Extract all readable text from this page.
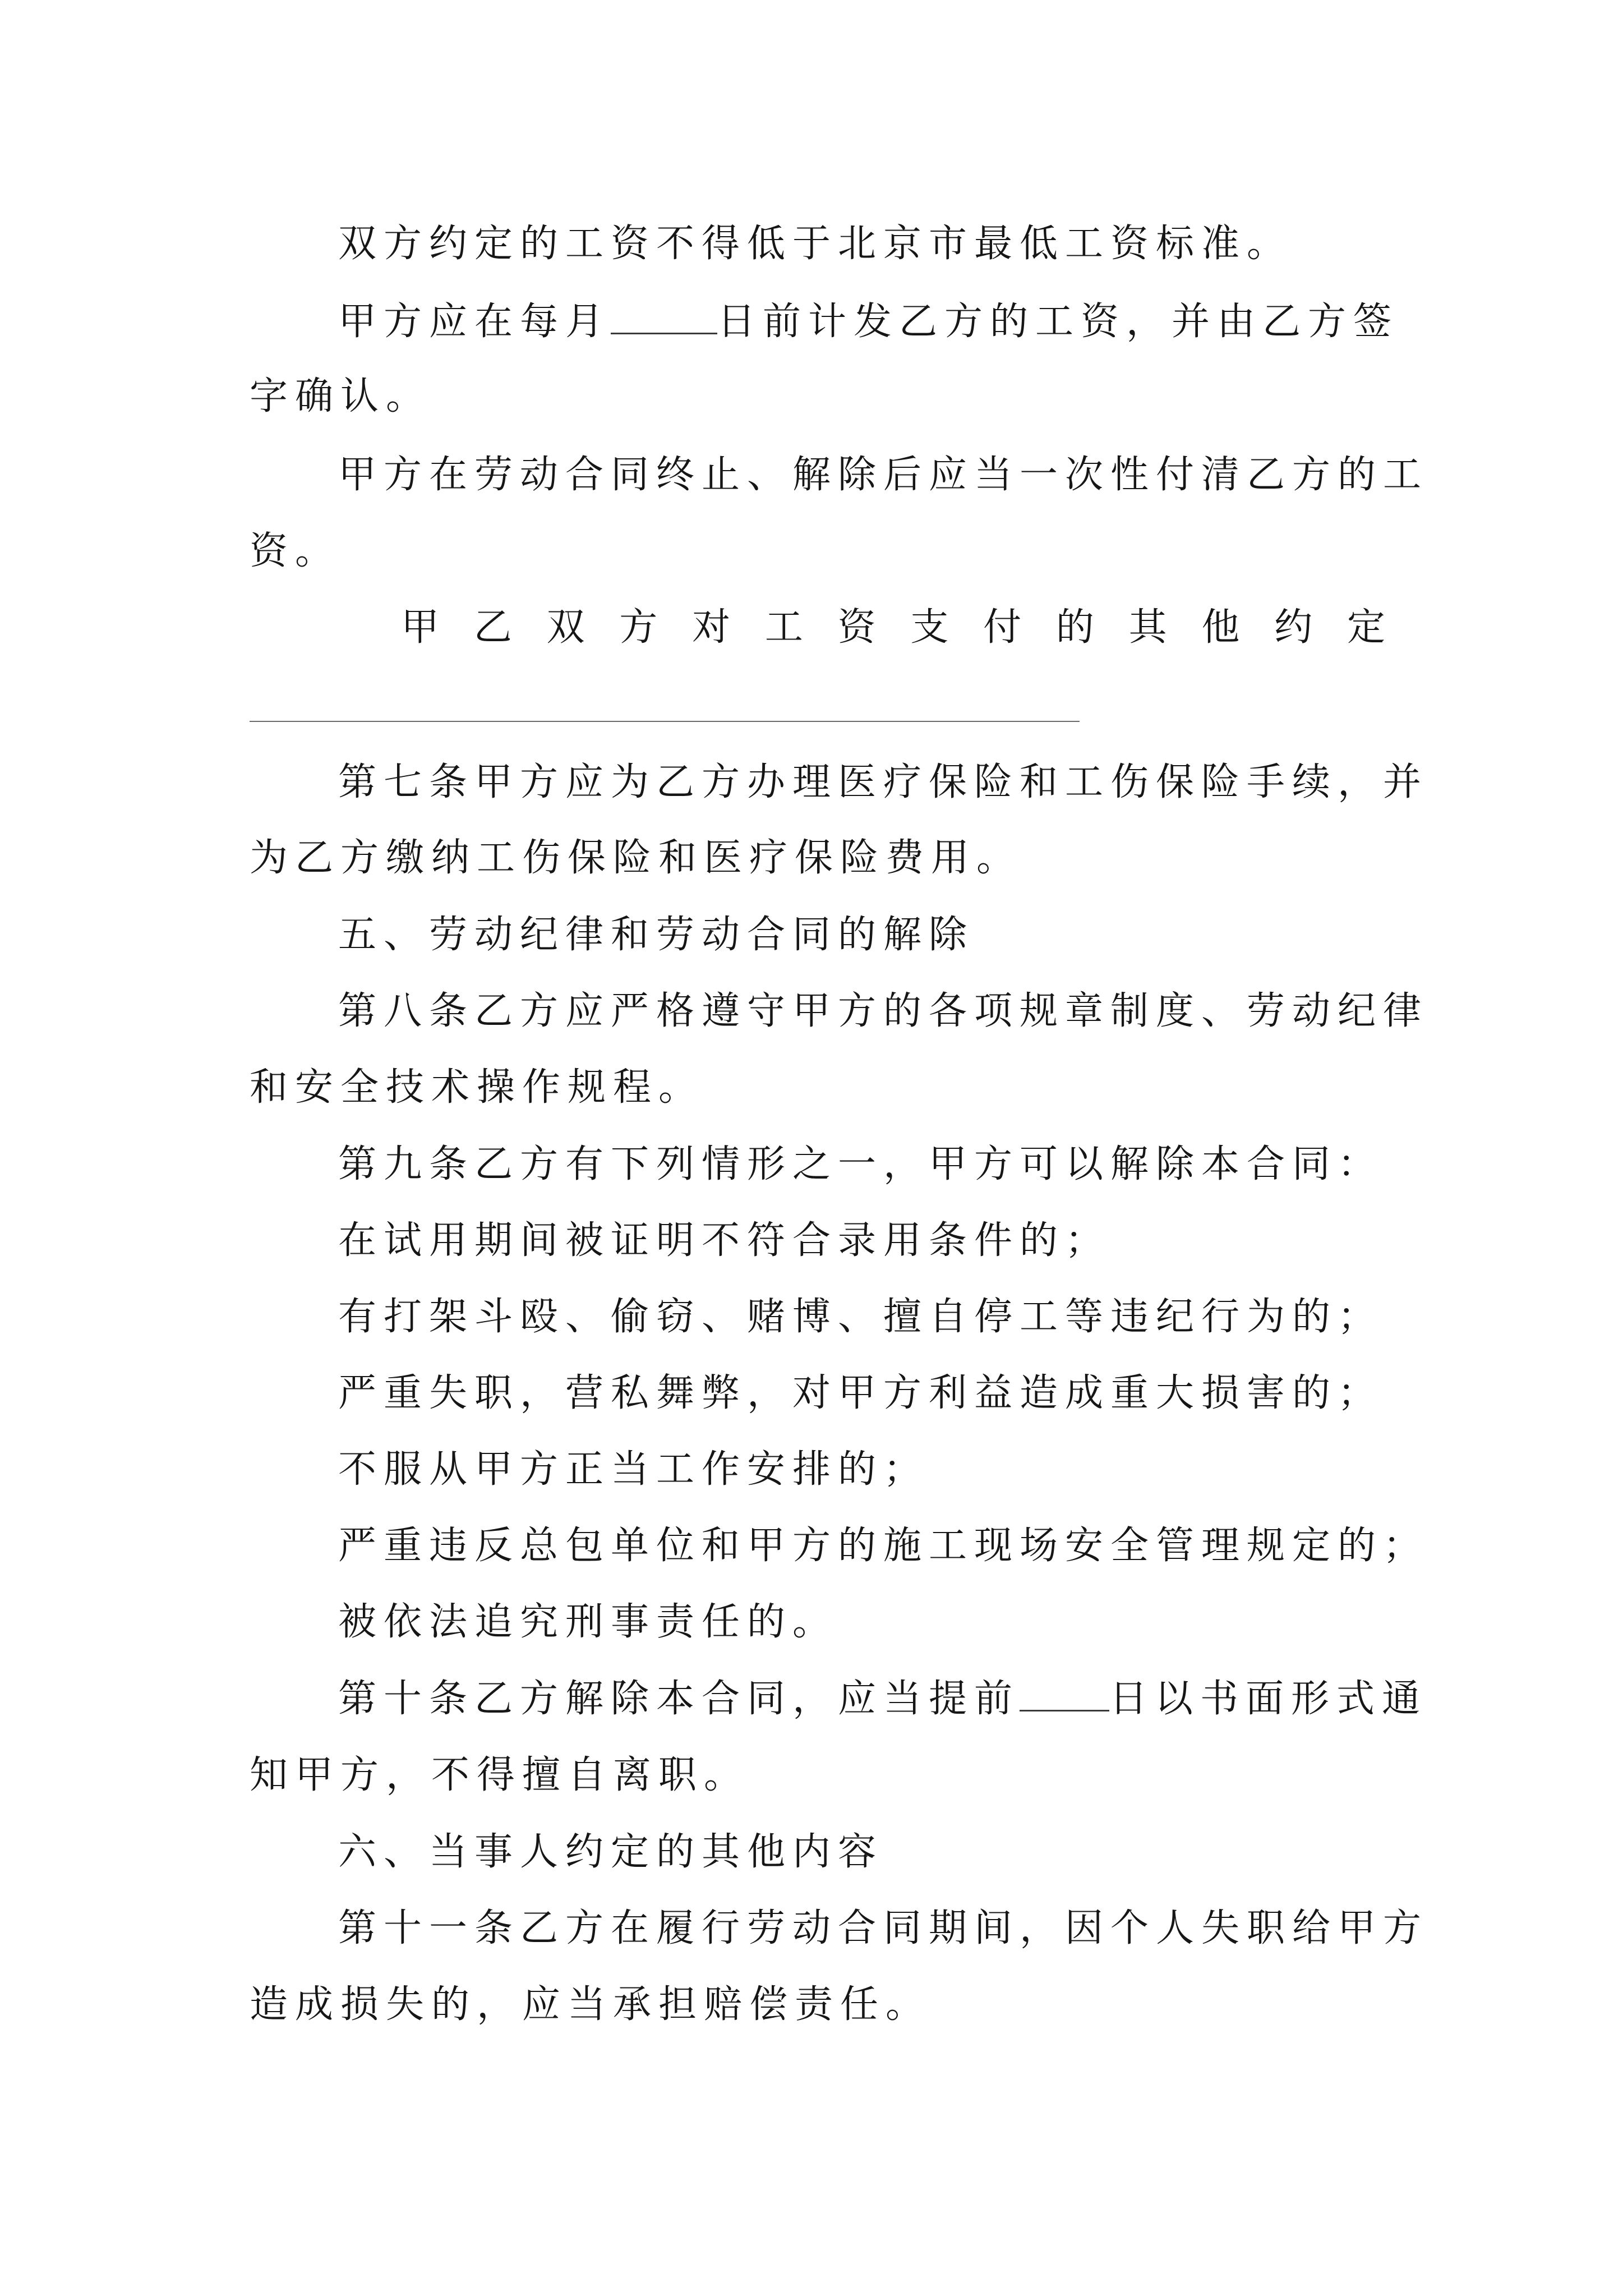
双方约定的工资不得低于北京市最低工资标准。
甲方应在每月	日前计发乙方的工资，并由乙方签
字确认。
甲方在劳动合同终止、解除后应当一次性付清乙方的工
资。
甲 乙 双 方 对 工 资 支 付 的 其 他 约 定
第七条甲方应为乙方办理医疗保险和工伤保险手续，并
为乙方缴纳工伤保险和医疗保险费用。
五、劳动纪律和劳动合同的解除
第八条乙方应严格遵守甲方的各项规章制度、劳动纪律
和安全技术操作规程。
第九条乙方有下列情形之一，甲方可以解除本合同：
在试用期间被证明不符合录用条件的；
有打架斗殴、偷窃、赌博、擅自停工等违纪行为的；
严重失职，营私舞弊，对甲方利益造成重大损害的；
不服从甲方正当工作安排的；
严重违反总包单位和甲方的施工现场安全管理规定的；
被依法追究刑事责任的。
第十条乙方解除本合同，应当提前 日以书面形式通
知甲方，不得擅自离职。
六、当事人约定的其他内容
第十一条乙方在履行劳动合同期间，因个人失职给甲方
造成损失的，应当承担赔偿责任。
